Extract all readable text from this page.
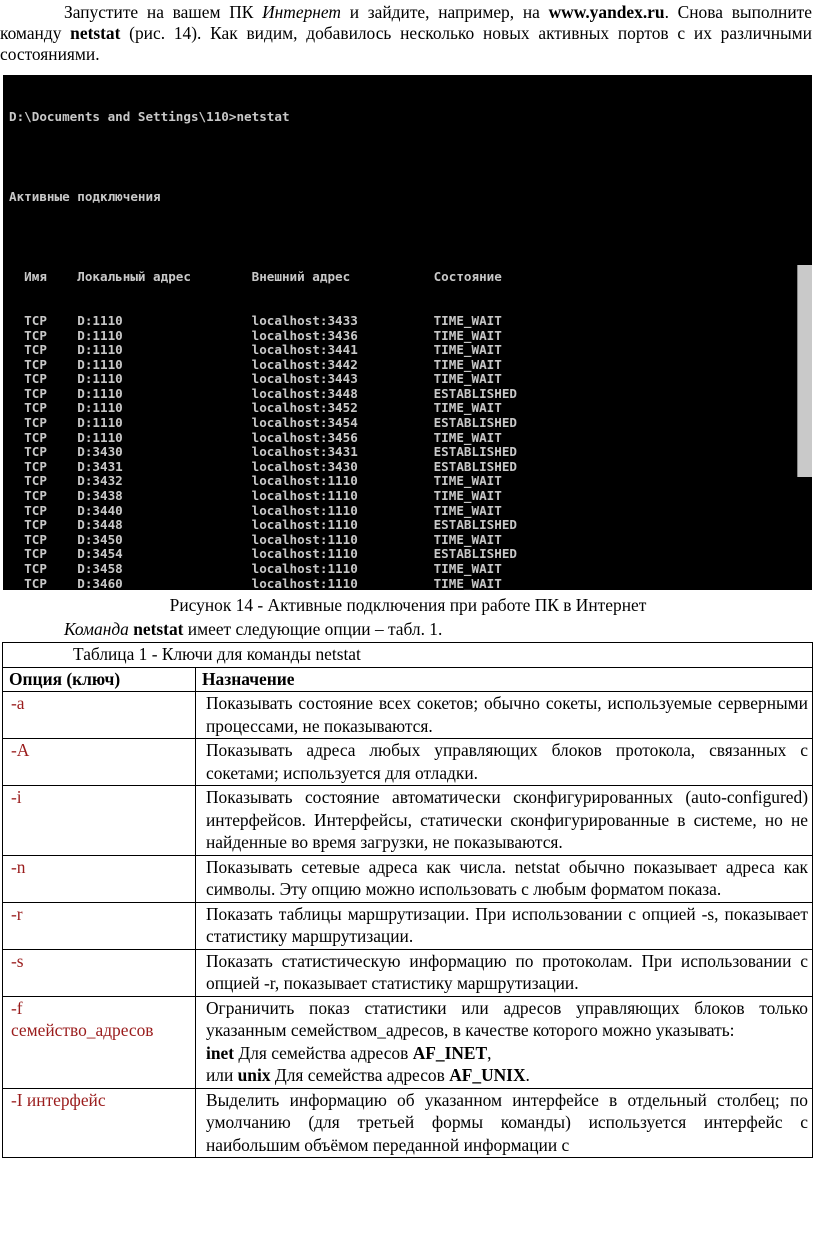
Запустите на вашем ПК Интернет и зайдите, например, на www.yandex.ru. Снова выполните команду netstat (рис. 14). Как видим, добавилось несколько новых активных портов с их различными состояниями.

D:\Documents and Settings\110>netstat

Активные подключения

Имя    Локальный адрес        Внешний адрес           Состояние

TCP    D:1110                 localhost:3433          TIME_WAIT
TCP    D:1110                 localhost:3436          TIME_WAIT
TCP    D:1110                 localhost:3441          TIME_WAIT
TCP    D:1110                 localhost:3442          TIME_WAIT
TCP    D:1110                 localhost:3443          TIME_WAIT
TCP    D:1110                 localhost:3448          ESTABLISHED
TCP    D:1110                 localhost:3452          TIME_WAIT
TCP    D:1110                 localhost:3454          ESTABLISHED
TCP    D:1110                 localhost:3456          TIME_WAIT
TCP    D:3430                 localhost:3431          ESTABLISHED
TCP    D:3431                 localhost:3430          ESTABLISHED
TCP    D:3432                 localhost:1110          TIME_WAIT
TCP    D:3438                 localhost:1110          TIME_WAIT
TCP    D:3440                 localhost:1110          TIME_WAIT
TCP    D:3448                 localhost:1110          ESTABLISHED
TCP    D:3450                 localhost:1110          TIME_WAIT
TCP    D:3454                 localhost:1110          ESTABLISHED
TCP    D:3458                 localhost:1110          TIME_WAIT
TCP    D:3460                 localhost:1110          TIME_WAIT

Рисунок 14 - Активные подключения при работе ПК в Интернет
Команда netstat имеет следующие опции – табл. 1.
Таблица 1 - Ключи для команды netstat	
Опция (ключ)	Назначение
-a	Показывать состояние всех сокетов; обычно сокеты, используемые серверными процессами, не показываются.
-A	Показывать адреса любых управляющих блоков протокола, связанных с сокетами; используется для отладки.
-i	Показывать состояние автоматически сконфигурированных (auto-configured) интерфейсов. Интерфейсы, статически сконфигурированные в системе, но не найденные во время загрузки, не показываются.
-n	Показывать сетевые адреса как числа. netstat обычно показывает адреса как символы. Эту опцию можно использовать с любым форматом показа.
-r	Показать таблицы маршрутизации. При использовании с опцией -s, показывает статистику маршрутизации.
-s	Показать статистическую информацию по протоколам. При использовании с опцией -r, показывает статистику маршрутизации.

-f
семейство_адресов	Ограничить показ статистики или адресов управляющих блоков только указанным семейством_адресов, в качестве которого можно указывать:
inet Для семейства адресов AF_INET,
или unix Для семейства адресов AF_UNIX.

-I интерфейс	Выделить информацию об указанном интерфейсе в отдельный столбец; по умолчанию (для третьей формы команды) используется интерфейс с наибольшим объёмом переданной информации с
